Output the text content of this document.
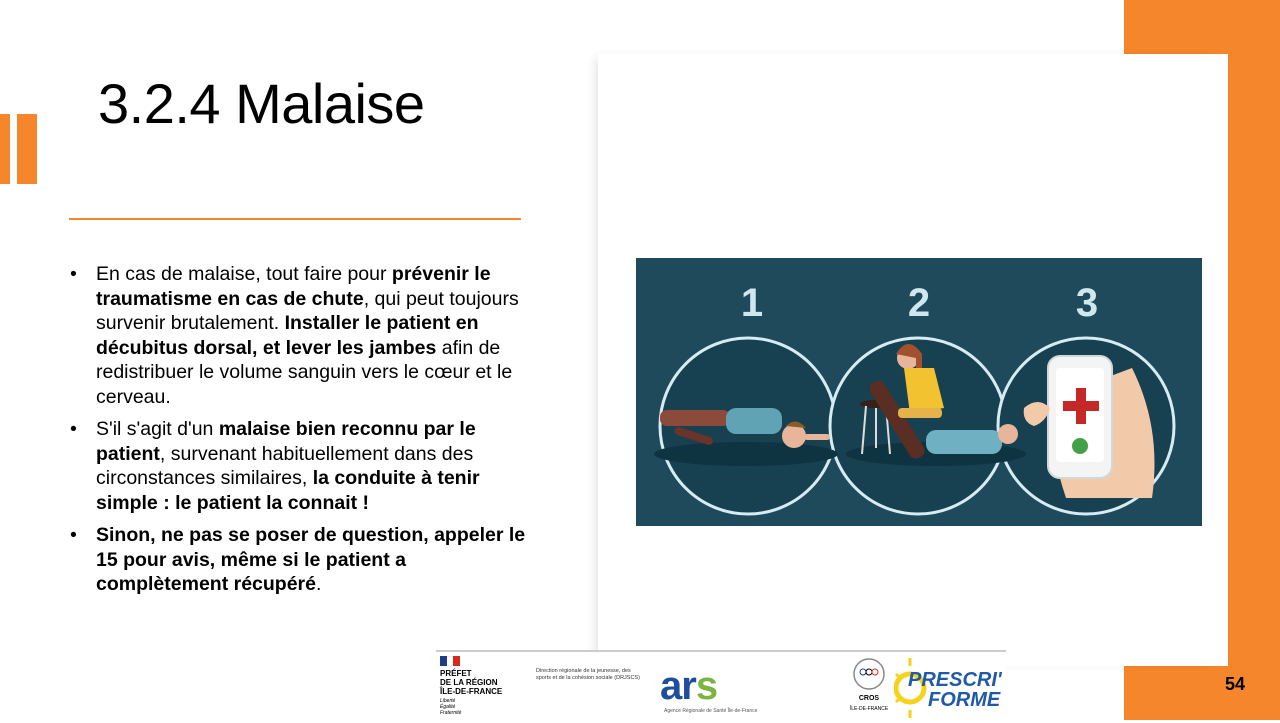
3.2.4 Malaise
• En cas de malaise, tout faire pour prévenir le traumatisme en cas de chute, qui peut toujours survenir brutalement. Installer le patient en décubitus dorsal, et lever les jambes afin de redistribuer le volume sanguin vers le cœur et le cerveau.
• S'il s'agit d'un malaise bien reconnu par le patient, survenant habituellement dans des circonstances similaires, la conduite à tenir simple : le patient la connait !
• Sinon, ne pas se poser de question, appeler le 15 pour avis, même si le patient a complètement récupéré.
1	2	3
PRÉFET
DE LA RÉGION
ÎLE-DE-FRANCE
Liberté
Égalité
Fraternité
Direction régionale de la jeunesse, des sports et de la cohésion sociale (DRJSCS) ars
Agence Régionale de Santé Île-de-France
CROS
ÎLE-DE-FRANCE
PRESCRI'
FORME
54
